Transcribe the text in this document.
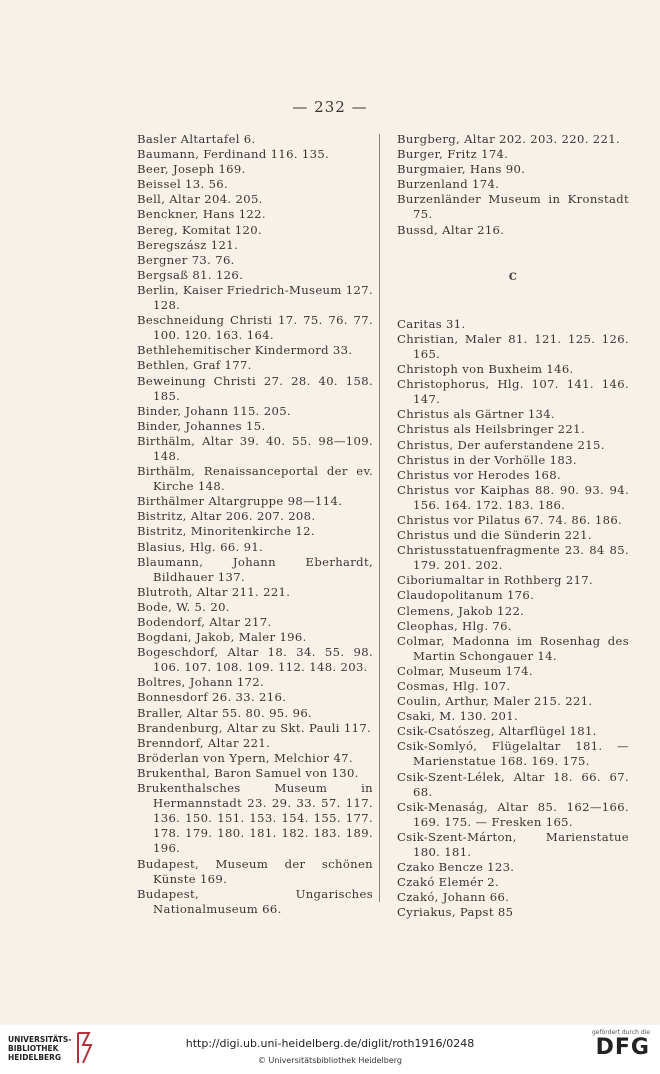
— 232 —
Basler Altartafel 6.
Baumann, Ferdinand 116. 135.
Beer, Joseph 169.
Beissel 13. 56.
Bell, Altar 204. 205.
Benckner, Hans 122.
Bereg, Komitat 120.
Beregszász 121.
Bergner 73. 76.
Bergsaß 81. 126.
Berlin, Kaiser Friedrich-Museum 127. 128.
Beschneidung Christi 17. 75. 76. 77. 100. 120. 163. 164.
Bethlehemitischer Kindermord 33.
Bethlen, Graf 177.
Beweinung Christi 27. 28. 40. 158. 185.
Binder, Johann 115. 205.
Binder, Johannes 15.
Birthälm, Altar 39. 40. 55. 98—109. 148.
Birthälm, Renaissanceportal der ev. Kirche 148.
Birthälmer Altargruppe 98—114.
Bistritz, Altar 206. 207. 208.
Bistritz, Minoritenkirche 12.
Blasius, Hlg. 66. 91.
Blaumann, Johann Eberhardt, Bildhauer 137.
Blutroth, Altar 211. 221.
Bode, W. 5. 20.
Bodendorf, Altar 217.
Bogdani, Jakob, Maler 196.
Bogeschdorf, Altar 18. 34. 55. 98. 106. 107. 108. 109. 112. 148. 203.
Boltres, Johann 172.
Bonnesdorf 26. 33. 216.
Braller, Altar 55. 80. 95. 96.
Brandenburg, Altar zu Skt. Pauli 117.
Brenndorf, Altar 221.
Bröderlan von Ypern, Melchior 47.
Brukenthal, Baron Samuel von 130.
Brukenthalsches Museum in Hermannstadt 23. 29. 33. 57. 117. 136. 150. 151. 153. 154. 155. 177. 178. 179. 180. 181. 182. 183. 189. 196.
Budapest, Museum der schönen Künste 169.
Budapest, Ungarisches Nationalmuseum 66.
Burgberg, Altar 202. 203. 220. 221.
Burger, Fritz 174.
Burgmaier, Hans 90.
Burzenland 174.
Burzenländer Museum in Kronstadt 75.
Bussd, Altar 216.
C
Caritas 31.
Christian, Maler 81. 121. 125. 126. 165.
Christoph von Buxheim 146.
Christophorus, Hlg. 107. 141. 146. 147.
Christus als Gärtner 134.
Christus als Heilsbringer 221.
Christus, Der auferstandene 215.
Christus in der Vorhölle 183.
Christus vor Herodes 168.
Christus vor Kaiphas 88. 90. 93. 94. 156. 164. 172. 183. 186.
Christus vor Pilatus 67. 74. 86. 186.
Christus und die Sünderin 221.
Christusstatuenfragmente 23. 84 85. 179. 201. 202.
Ciboriumaltar in Rothberg 217.
Claudopolitanum 176.
Clemens, Jakob 122.
Cleophas, Hlg. 76.
Colmar, Madonna im Rosenhag des Martin Schongauer 14.
Colmar, Museum 174.
Cosmas, Hlg. 107.
Coulin, Arthur, Maler 215. 221.
Csaki, M. 130. 201.
Csik-Csatószeg, Altarflügel 181.
Csik-Somlyó, Flügelaltar 181. — Marienstatue 168. 169. 175.
Csik-Szent-Lélek, Altar 18. 66. 67. 68.
Csik-Menaság, Altar 85. 162—166. 169. 175. — Fresken 165.
Csik-Szent-Márton, Marienstatue 180. 181.
Czako Bencze 123.
Czakó Elemér 2.
Czakó, Johann 66.
Cyriakus, Papst 85
UNIVERSITÄTS-
BIBLIOTHEK
HEIDELBERG
http://digi.ub.uni-heidelberg.de/diglit/roth1916/0248
© Universitätsbibliothek Heidelberg
gefördert durch die
DFG
